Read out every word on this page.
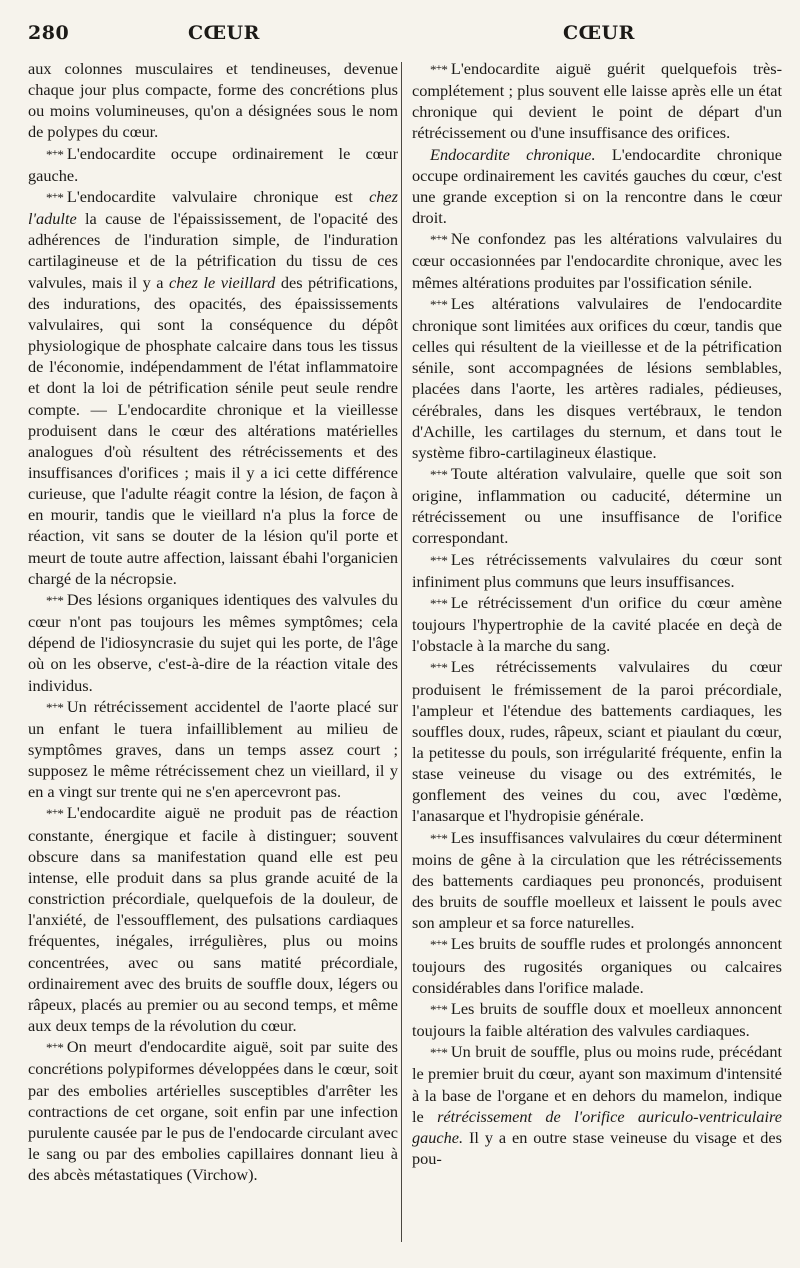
280	CŒUR	CŒUR

aux colonnes musculaires et tendineuses, devenue chaque jour plus compacte, forme des concrétions plus ou moins volumineuses, qu'on a désignées sous le nom de polypes du cœur.

*⁺* L'endocardite occupe ordinairement le cœur gauche.

*⁺* L'endocardite valvulaire chronique est chez l'adulte la cause de l'épaississement, de l'opacité des adhérences de l'induration simple, de l'induration cartilagineuse et de la pétrification du tissu de ces valvules, mais il y a chez le vieillard des pétrifications, des indurations, des opacités, des épaississements valvulaires, qui sont la conséquence du dépôt physiologique de phosphate calcaire dans tous les tissus de l'économie, indépendamment de l'état inflammatoire et dont la loi de pétrification sénile peut seule rendre compte. — L'endocardite chronique et la vieillesse produisent dans le cœur des altérations matérielles analogues d'où résultent des rétrécissements et des insuffisances d'orifices ; mais il y a ici cette différence curieuse, que l'adulte réagit contre la lésion, de façon à en mourir, tandis que le vieillard n'a plus la force de réaction, vit sans se douter de la lésion qu'il porte et meurt de toute autre affection, laissant ébahi l'organicien chargé de la nécropsie.

*⁺* Des lésions organiques identiques des valvules du cœur n'ont pas toujours les mêmes symptômes; cela dépend de l'idiosyncrasie du sujet qui les porte, de l'âge où on les observe, c'est-à-dire de la réaction vitale des individus.

*⁺* Un rétrécissement accidentel de l'aorte placé sur un enfant le tuera infailliblement au milieu de symptômes graves, dans un temps assez court ; supposez le même rétrécissement chez un vieillard, il y en a vingt sur trente qui ne s'en apercevront pas.

*⁺* L'endocardite aiguë ne produit pas de réaction constante, énergique et facile à distinguer; souvent obscure dans sa manifestation quand elle est peu intense, elle produit dans sa plus grande acuité de la constriction précordiale, quelquefois de la douleur, de l'anxiété, de l'essoufflement, des pulsations cardiaques fréquentes, inégales, irrégulières, plus ou moins concentrées, avec ou sans matité précordiale, ordinairement avec des bruits de souffle doux, légers ou râpeux, placés au premier ou au second temps, et même aux deux temps de la révolution du cœur.

*⁺* On meurt d'endocardite aiguë, soit par suite des concrétions polypiformes développées dans le cœur, soit par des embolies artérielles susceptibles d'arrêter les contractions de cet organe, soit enfin par une infection purulente causée par le pus de l'endocarde circulant avec le sang ou par des embolies capillaires donnant lieu à des abcès métastatiques (Virchow).

*⁺* L'endocardite aiguë guérit quelquefois très-complétement ; plus souvent elle laisse après elle un état chronique qui devient le point de départ d'un rétrécissement ou d'une insuffisance des orifices.

Endocardite chronique. L'endocardite chronique occupe ordinairement les cavités gauches du cœur, c'est une grande exception si on la rencontre dans le cœur droit.

*⁺* Ne confondez pas les altérations valvulaires du cœur occasionnées par l'endocardite chronique, avec les mêmes altérations produites par l'ossification sénile.

*⁺* Les altérations valvulaires de l'endocardite chronique sont limitées aux orifices du cœur, tandis que celles qui résultent de la vieillesse et de la pétrification sénile, sont accompagnées de lésions semblables, placées dans l'aorte, les artères radiales, pédieuses, cérébrales, dans les disques vertébraux, le tendon d'Achille, les cartilages du sternum, et dans tout le système fibro-cartilagineux élastique.

*⁺* Toute altération valvulaire, quelle que soit son origine, inflammation ou caducité, détermine un rétrécissement ou une insuffisance de l'orifice correspondant.

*⁺* Les rétrécissements valvulaires du cœur sont infiniment plus communs que leurs insuffisances.

*⁺* Le rétrécissement d'un orifice du cœur amène toujours l'hypertrophie de la cavité placée en deçà de l'obstacle à la marche du sang.

*⁺* Les rétrécissements valvulaires du cœur produisent le frémissement de la paroi précordiale, l'ampleur et l'étendue des battements cardiaques, les souffles doux, rudes, râpeux, sciant et piaulant du cœur, la petitesse du pouls, son irrégularité fréquente, enfin la stase veineuse du visage ou des extrémités, le gonflement des veines du cou, avec l'œdème, l'anasarque et l'hydropisie générale.

*⁺* Les insuffisances valvulaires du cœur déterminent moins de gêne à la circulation que les rétrécissements des battements cardiaques peu prononcés, produisent des bruits de souffle moelleux et laissent le pouls avec son ampleur et sa force naturelles.

*⁺* Les bruits de souffle rudes et prolongés annoncent toujours des rugosités organiques ou calcaires considérables dans l'orifice malade.

*⁺* Les bruits de souffle doux et moelleux annoncent toujours la faible altération des valvules cardiaques.

*⁺* Un bruit de souffle, plus ou moins rude, précédant le premier bruit du cœur, ayant son maximum d'intensité à la base de l'organe et en dehors du mamelon, indique le rétrécissement de l'orifice auriculo-ventriculaire gauche. Il y a en outre stase veineuse du visage et des pou-
